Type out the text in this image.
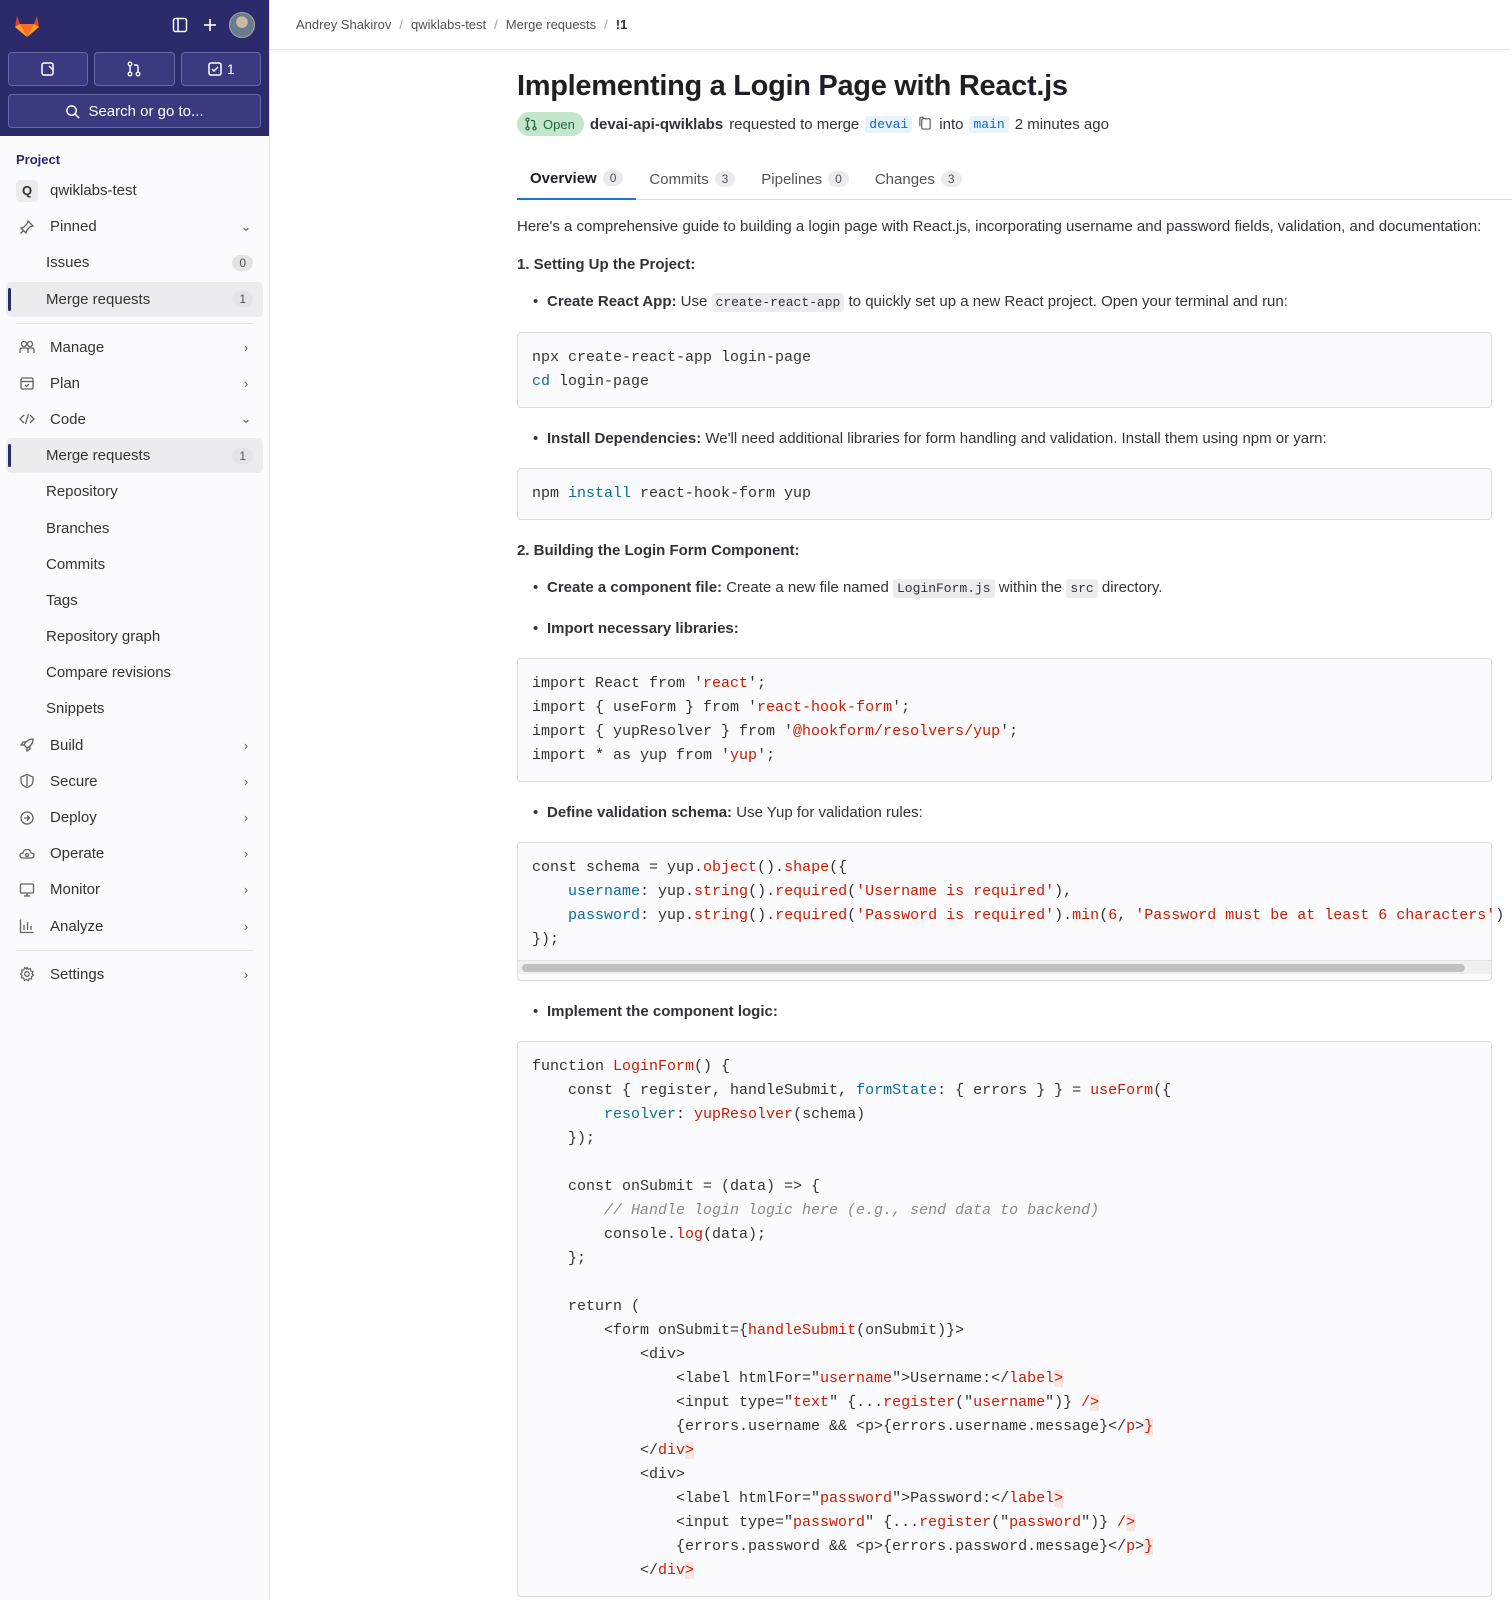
1
Search or go to...
Project
Q	qwiklabs-test
Pinned	⌄
Issues	0
Merge requests	1
Manage	›
Plan	›
Code	⌄
Merge requests	1
Repository
Branches
Commits
Tags
Repository graph
Compare revisions
Snippets
Build	›
Secure	›
Deploy	›
Operate	›
Monitor	›
Analyze	›
Settings	›
Andrey Shakirov / qwiklabs-test / Merge requests / !1
Implementing a Login Page with React.js
Open devai-api-qwiklabs requested to merge devai into main 2 minutes ago
Overview	0	Commits	3	Pipelines	0	Changes	3

Here's a comprehensive guide to building a login page with React.js, incorporating username and password fields, validation, and documentation:

1. Setting Up the Project:
• Create React App: Use create-react-app to quickly set up a new React project. Open your terminal and run:
npx create-react-app login-page
cd login-page
• Install Dependencies: We'll need additional libraries for form handling and validation. Install them using npm or yarn:
npm install react-hook-form yup
2. Building the Login Form Component:
• Create a component file: Create a new file named LoginForm.js within the src directory.
• Import necessary libraries:
import React from 'react';
import { useForm } from 'react-hook-form';
import { yupResolver } from '@hookform/resolvers/yup';
import * as yup from 'yup';
• Define validation schema: Use Yup for validation rules:
const schema = yup.object().shape({
username: yup.string().required('Username is required'),
password: yup.string().required('Password is required').min(6, 'Password must be at least 6 characters')
});
• Implement the component logic:
function LoginForm() {
const { register, handleSubmit, formState: { errors } } = useForm({
resolver: yupResolver(schema)
});

const onSubmit = (data) => {
// Handle login logic here (e.g., send data to backend)
console.log(data);
};

return (
<form onSubmit={handleSubmit(onSubmit)}>
<div>
<label htmlFor="username">Username:</label>
<input type="text" {...register("username")} />
{errors.username && <p>{errors.username.message}</p>}
</div>
<div>
<label htmlFor="password">Password:</label>
<input type="password" {...register("password")} />
{errors.password && <p>{errors.password.message}</p>}
</div>
